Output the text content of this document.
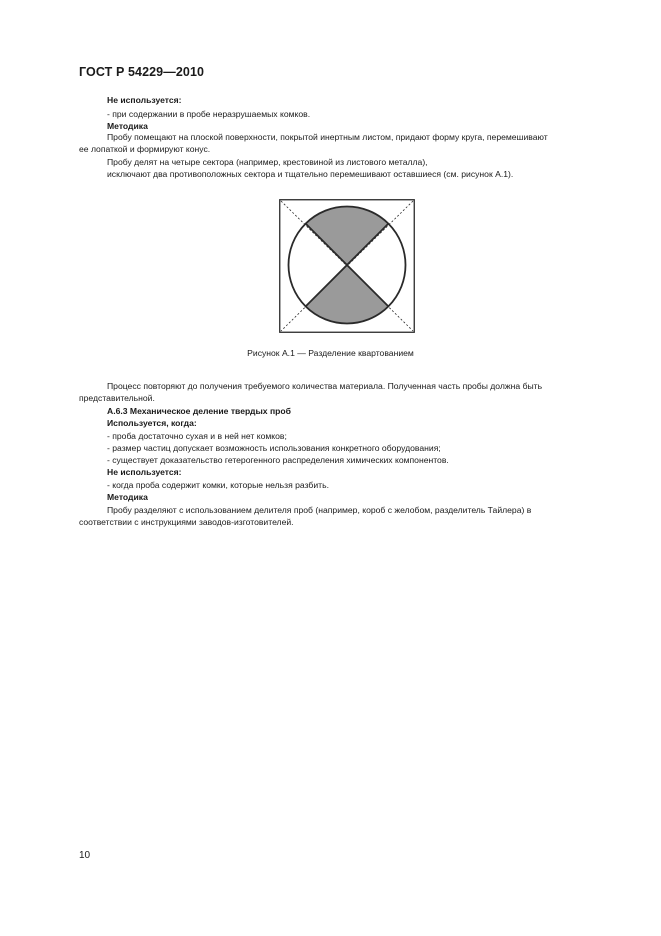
ГОСТ Р 54229—2010
Не используется:
- при содержании в пробе неразрушаемых комков.
Методика
Пробу помещают на плоской поверхности, покрытой инертным листом, придают форму круга, перемешивают
ее лопаткой и формируют конус.
Пробу делят на четыре сектора (например, крестовиной из листового металла),
исключают два противоположных сектора и тщательно перемешивают оставшиеся (см. рисунок А.1).
Рисунок А.1 — Разделение квартованием
Процесс повторяют до получения требуемого количества материала. Полученная часть пробы должна быть
представительной.
А.6.3 Механическое деление твердых проб
Используется, когда:
- проба достаточно сухая и в ней нет комков;
- размер частиц допускает возможность использования конкретного оборудования;
- существует доказательство гетерогенного распределения химических компонентов.
Не используется:
- когда проба содержит комки, которые нельзя разбить.
Методика
Пробу разделяют с использованием делителя проб (например, короб с желобом, разделитель Тайлера) в
соответствии с инструкциями заводов-изготовителей.
10
